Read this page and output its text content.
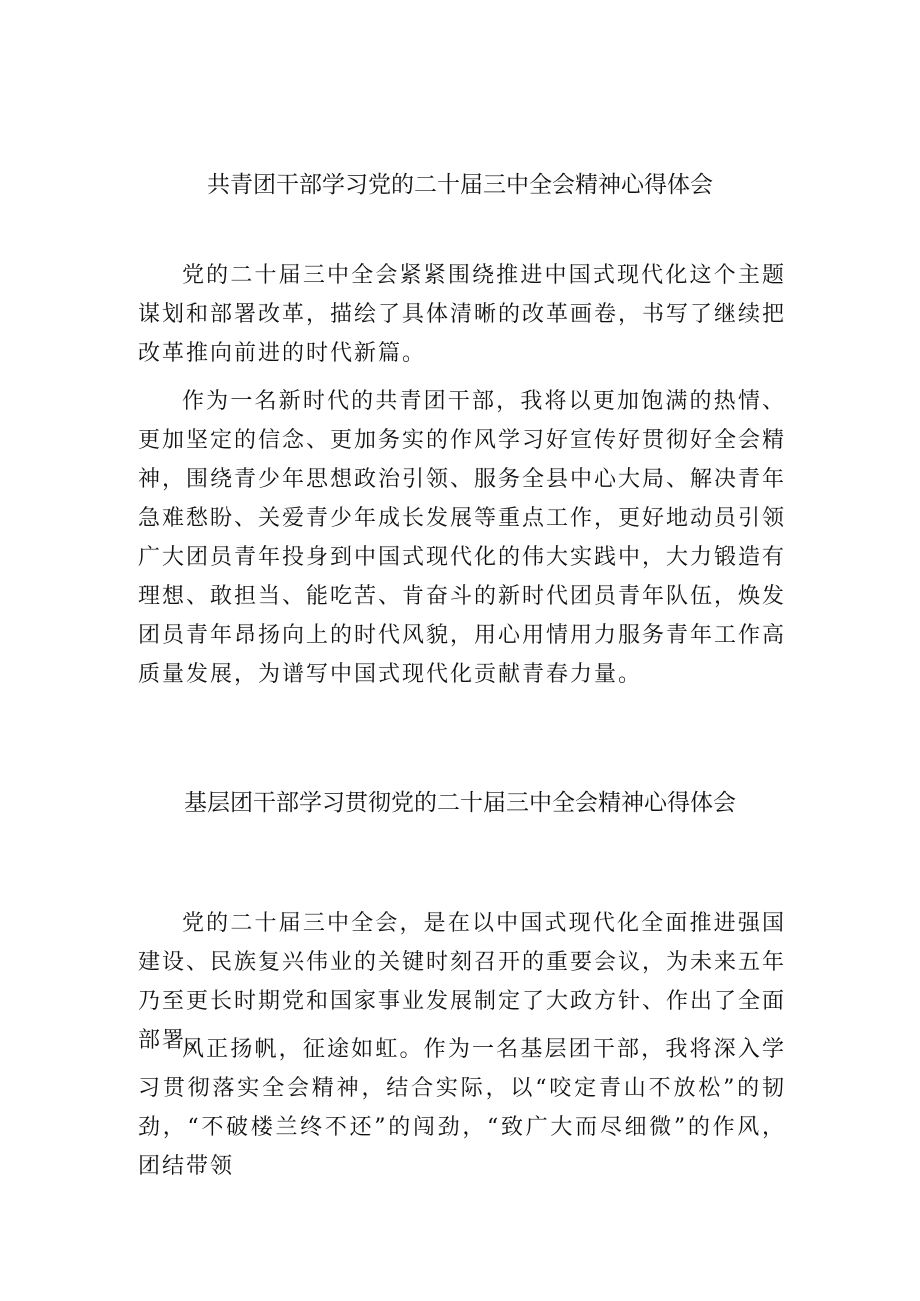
共青团干部学习党的二十届三中全会精神心得体会

党的二十届三中全会紧紧围绕推进中国式现代化这个主题谋划和部署改革，描绘了具体清晰的改革画卷，书写了继续把改革推向前进的时代新篇。

作为一名新时代的共青团干部，我将以更加饱满的热情、更加坚定的信念、更加务实的作风学习好宣传好贯彻好全会精神，围绕青少年思想政治引领、服务全县中心大局、解决青年急难愁盼、关爱青少年成长发展等重点工作，更好地动员引领广大团员青年投身到中国式现代化的伟大实践中，大力锻造有理想、敢担当、能吃苦、肯奋斗的新时代团员青年队伍，焕发团员青年昂扬向上的时代风貌，用心用情用力服务青年工作高质量发展，为谱写中国式现代化贡献青春力量。

基层团干部学习贯彻党的二十届三中全会精神心得体会

党的二十届三中全会，是在以中国式现代化全面推进强国建设、民族复兴伟业的关键时刻召开的重要会议，为未来五年乃至更长时期党和国家事业发展制定了大政方针、作出了全面部署。

风正扬帆，征途如虹。作为一名基层团干部，我将深入学习贯彻落实全会精神，结合实际，以“咬定青山不放松”的韧劲，“不破楼兰终不还”的闯劲，“致广大而尽细微”的作风，团结带领
